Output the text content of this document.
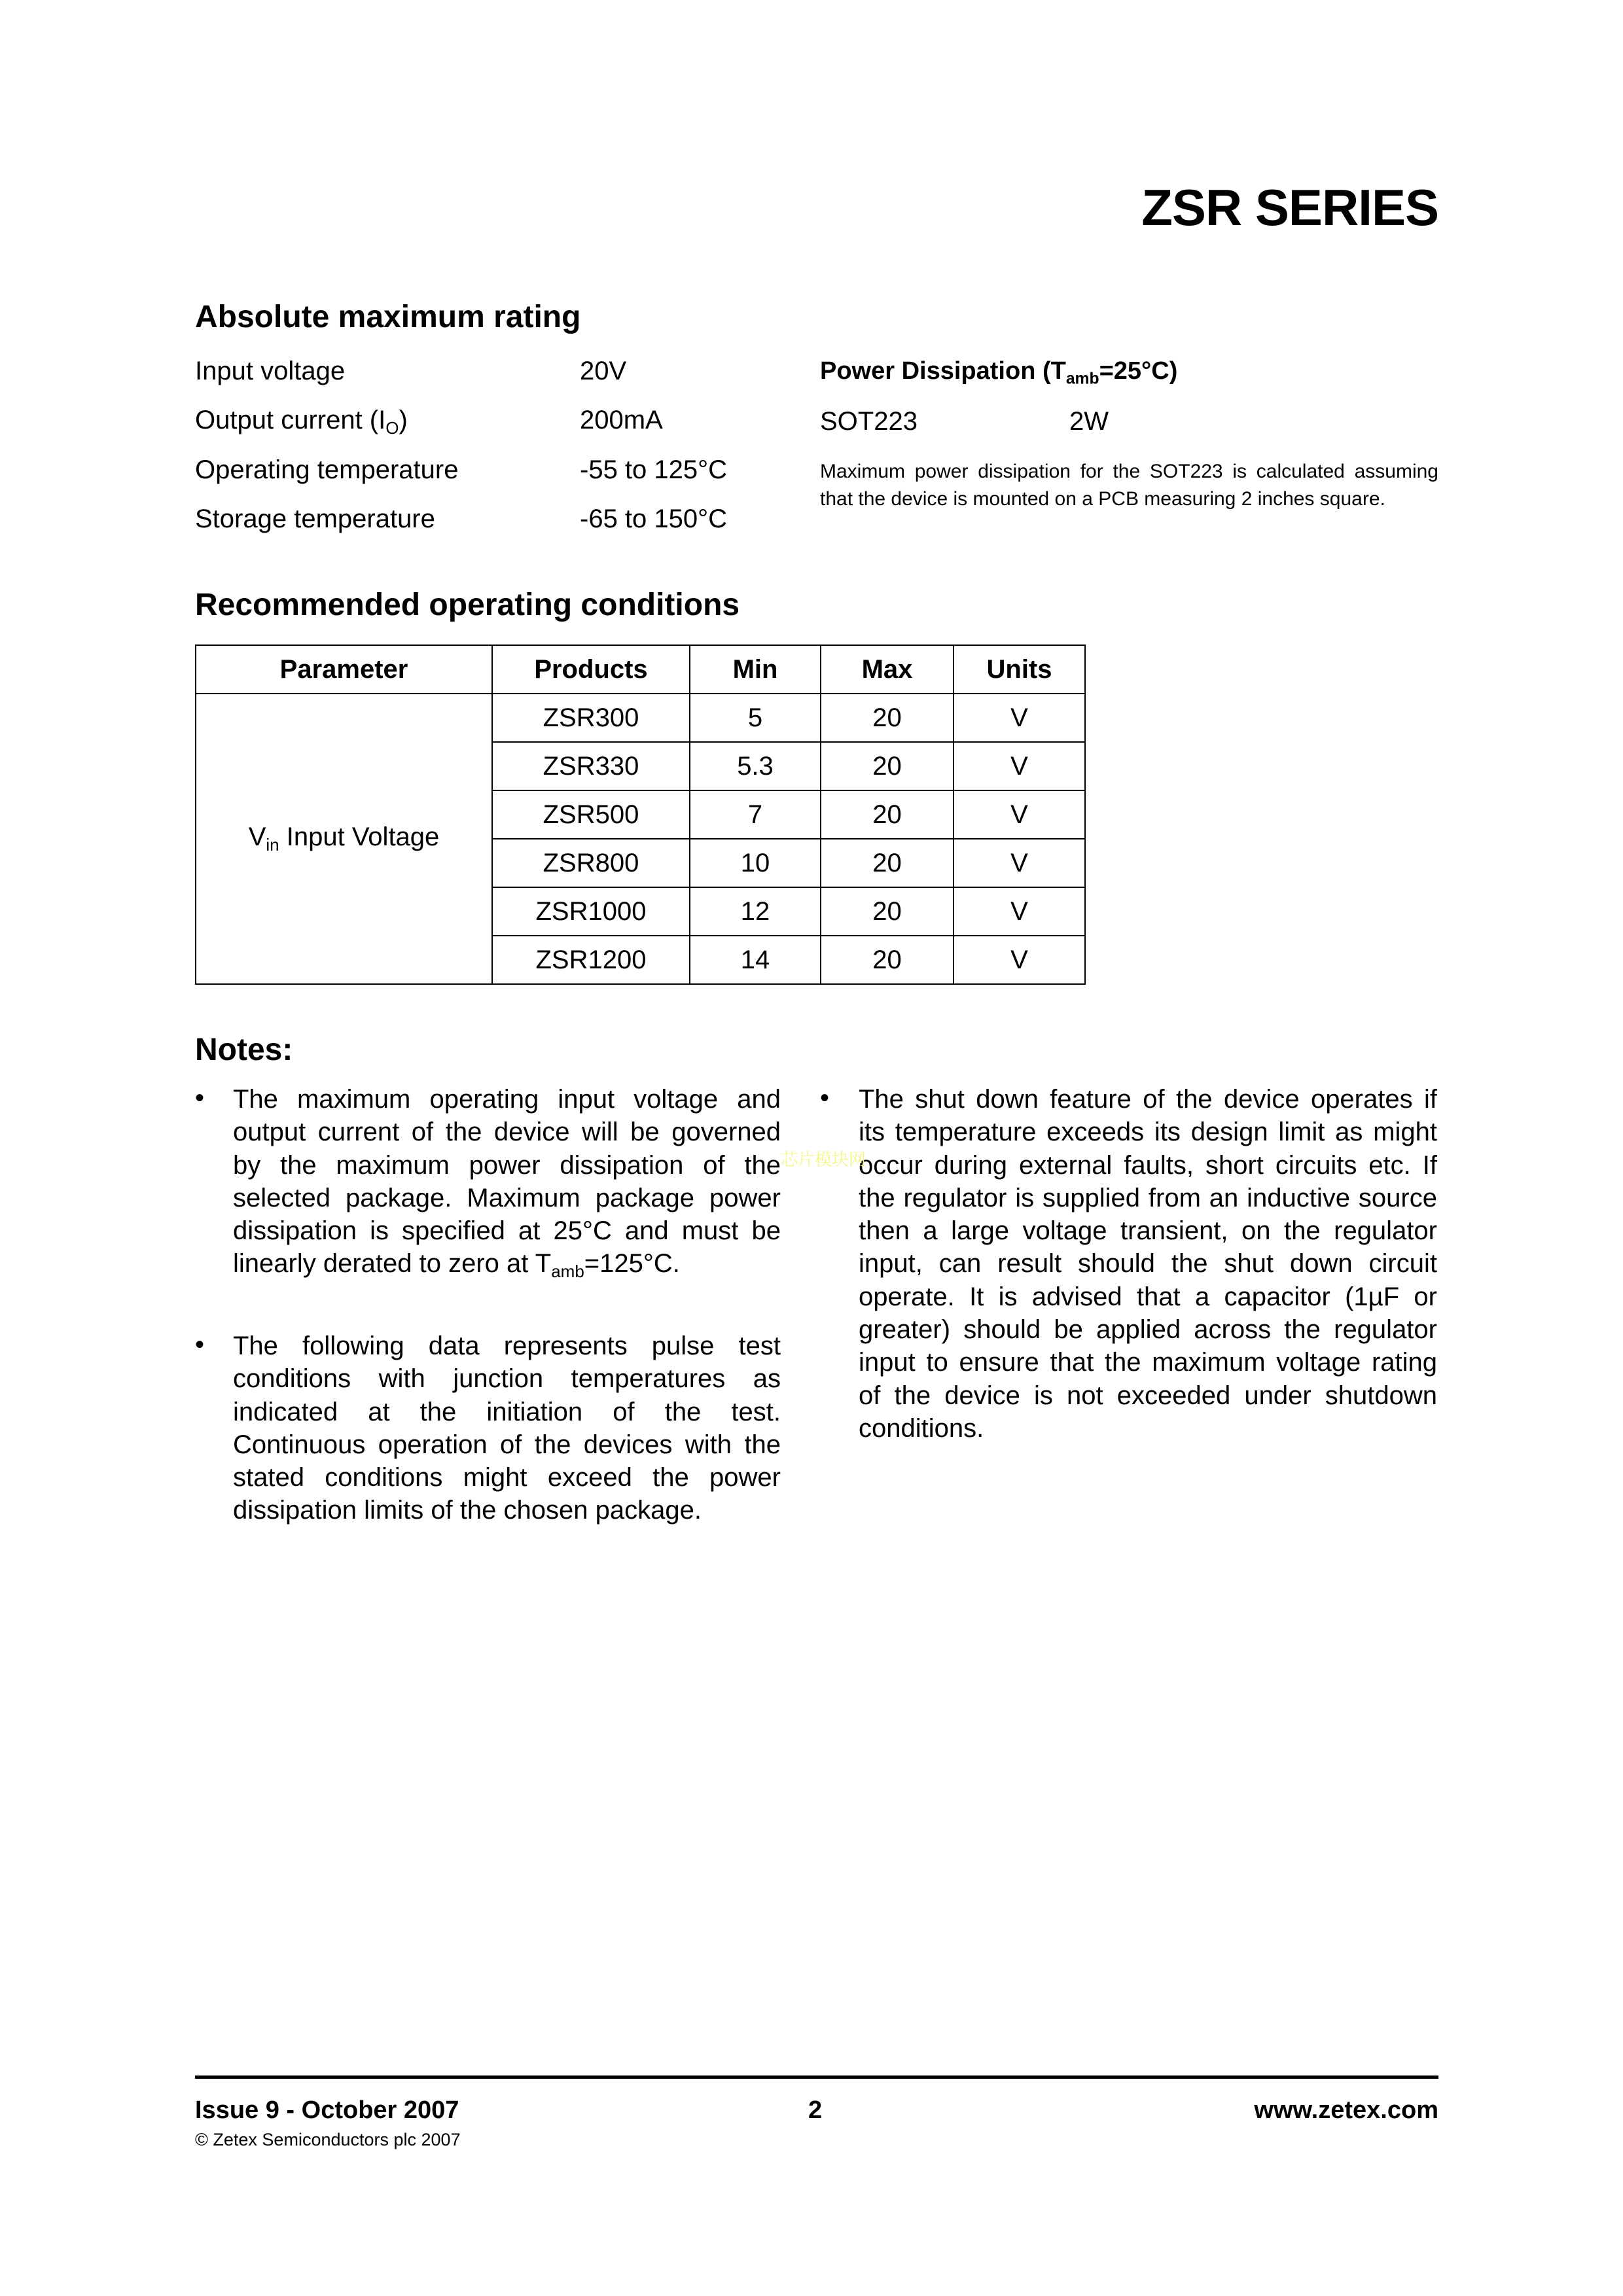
ZSR SERIES
Absolute maximum rating
Input voltage	20V
Output current $(I_O)$	200mA
Operating temperature	-55 to 125°C
Storage temperature	-65 to 150°C
Power Dissipation $(T_{amb}=25^\circ C)$
SOT223	2W
Maximum power dissipation for the SOT223 is calculated assuming that the device is mounted on a PCB measuring 2 inches square.
Recommended operating conditions
Parameter	Products	Min	Max	Units
$V_{in}$ Input Voltage	ZSR300	5	20	V
	ZSR330	5.3	20	V
	ZSR500	7	20	V
	ZSR800	10	20	V
	ZSR1000	12	20	V
	ZSR1200	14	20	V
Notes:
• The maximum operating input voltage and output current of the device will be governed by the maximum power dissipation of the selected package. Maximum package power dissipation is specified at 25°C and must be linearly derated to zero at $T_{amb}=125^\circ C$.
• The following data represents pulse test conditions with junction temperatures as indicated at the initiation of the test. Continuous operation of the devices with the stated conditions might exceed the power dissipation limits of the chosen package.
• The shut down feature of the device operates if its temperature exceeds its design limit as might occur during external faults, short circuits etc. If the regulator is supplied from an inductive source then a large voltage transient, on the regulator input, can result should the shut down circuit operate. It is advised that a capacitor (1µF or greater) should be applied across the regulator input to ensure that the maximum voltage rating of the device is not exceeded under shutdown conditions.
芯片模块网
Issue 9 - October 2007	2	www.zetex.com
© Zetex Semiconductors plc 2007
